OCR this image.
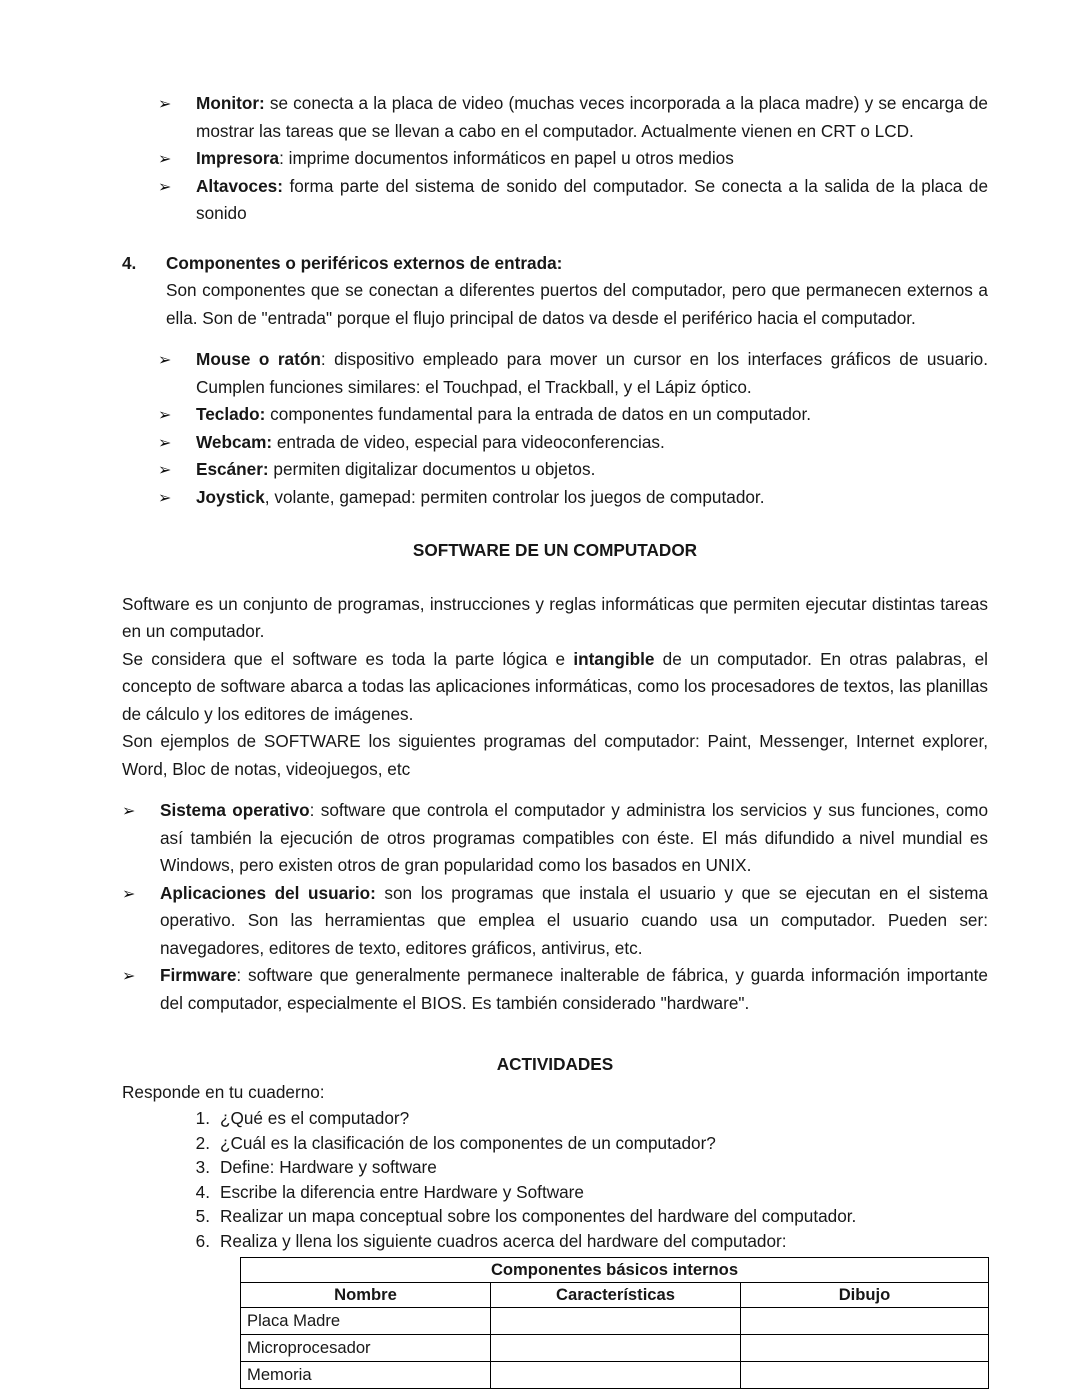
➢	Monitor: se conecta a la placa de video (muchas veces incorporada a la placa madre) y se encarga de mostrar las tareas que se llevan a cabo en el computador. Actualmente vienen en CRT o LCD.
➢	Impresora: imprime documentos informáticos en papel u otros medios
➢	Altavoces: forma parte del sistema de sonido del computador. Se conecta a la salida de la placa de sonido
4.	Componentes o periféricos externos de entrada:
Son componentes que se conectan a diferentes puertos del computador, pero que permanecen externos a ella. Son de "entrada" porque el flujo principal de datos va desde el periférico hacia el computador.
➢	Mouse o ratón: dispositivo empleado para mover un cursor en los interfaces gráficos de usuario. Cumplen funciones similares: el Touchpad, el Trackball, y el Lápiz óptico.
➢	Teclado: componentes fundamental para la entrada de datos en un computador.
➢	Webcam: entrada de video, especial para videoconferencias.
➢	Escáner: permiten digitalizar documentos u objetos.
➢	Joystick, volante, gamepad: permiten controlar los juegos de computador.
SOFTWARE DE UN COMPUTADOR
Software es un conjunto de programas, instrucciones y reglas informáticas que permiten ejecutar distintas tareas en un computador.
Se considera que el software es toda la parte lógica e intangible de un computador. En otras palabras, el concepto de software abarca a todas las aplicaciones informáticas, como los procesadores de textos, las planillas de cálculo y los editores de imágenes.
Son ejemplos de SOFTWARE los siguientes programas del computador: Paint, Messenger, Internet explorer, Word, Bloc de notas, videojuegos, etc
➢	Sistema operativo: software que controla el computador y administra los servicios y sus funciones, como así también la ejecución de otros programas compatibles con éste. El más difundido a nivel mundial es Windows, pero existen otros de gran popularidad como los basados en UNIX.
➢	Aplicaciones del usuario: son los programas que instala el usuario y que se ejecutan en el sistema operativo. Son las herramientas que emplea el usuario cuando usa un computador. Pueden ser: navegadores, editores de texto, editores gráficos, antivirus, etc.
➢	Firmware: software que generalmente permanece inalterable de fábrica, y guarda información importante del computador, especialmente el BIOS. Es también considerado "hardware".
ACTIVIDADES
Responde en tu cuaderno:
1. ¿Qué es el computador?
2. ¿Cuál es la clasificación de los componentes de un computador?
3. Define: Hardware y software
4. Escribe la diferencia entre Hardware y Software
5. Realizar un mapa conceptual sobre los componentes del hardware del computador.
6. Realiza y llena los siguiente cuadros acerca del hardware del computador:
Componentes básicos internos		
Nombre	Características	Dibujo
Placa Madre		
Microprocesador		
Memoria		
